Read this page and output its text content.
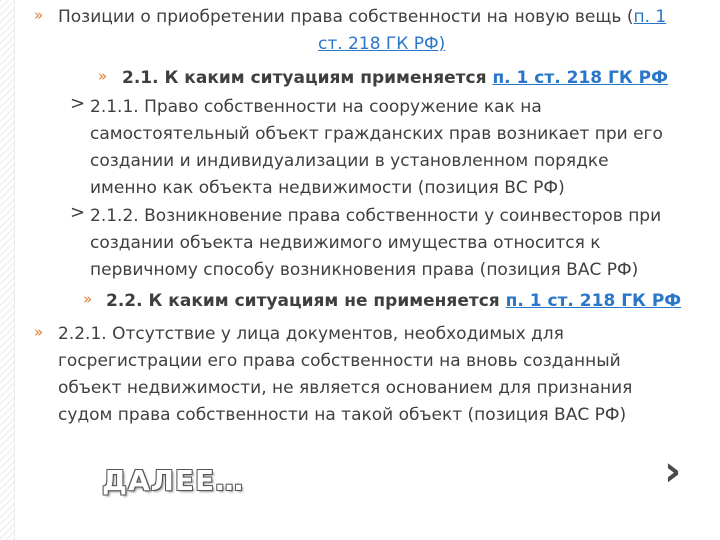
» Позиции о приобретении права собственности на новую вещь (п. 1
ст. 218 ГК РФ)
» 2.1. К каким ситуациям применяется п. 1 ст. 218 ГК РФ
> 2.1.1. Право собственности на сооружение как на
самостоятельный объект гражданских прав возникает при его
создании и индивидуализации в установленном порядке
именно как объекта недвижимости (позиция ВС РФ)
> 2.1.2. Возникновение права собственности у соинвесторов при
создании объекта недвижимого имущества относится к
первичному способу возникновения права (позиция ВАС РФ)
» 2.2. К каким ситуациям не применяется п. 1 ст. 218 ГК РФ
» 2.2.1. Отсутствие у лица документов, необходимых для
госрегистрации его права собственности на вновь созданный
объект недвижимости, не является основанием для признания
судом права собственности на такой объект (позиция ВАС РФ)
ДАЛЕЕ…	›
